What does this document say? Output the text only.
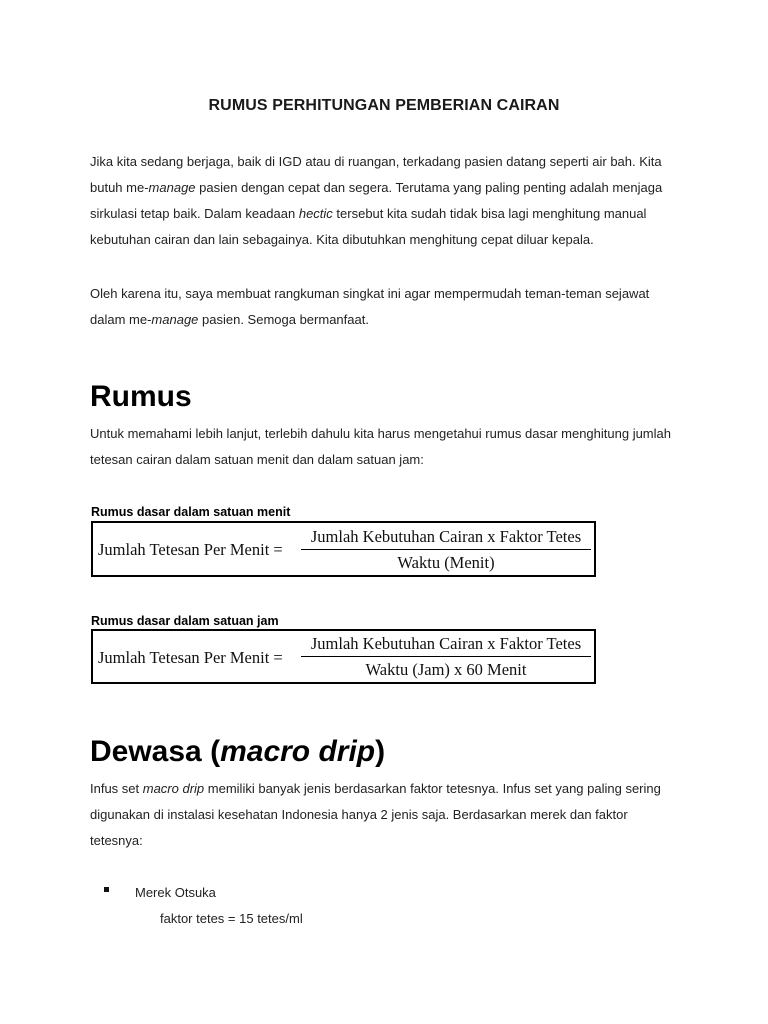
RUMUS PERHITUNGAN PEMBERIAN CAIRAN
Jika kita sedang berjaga, baik di IGD atau di ruangan, terkadang pasien datang seperti air bah. Kita butuh me-manage pasien dengan cepat dan segera. Terutama yang paling penting adalah menjaga sirkulasi tetap baik. Dalam keadaan hectic tersebut kita sudah tidak bisa lagi menghitung manual kebutuhan cairan dan lain sebagainya. Kita dibutuhkan menghitung cepat diluar kepala.
Oleh karena itu, saya membuat rangkuman singkat ini agar mempermudah teman-teman sejawat dalam me-manage pasien. Semoga bermanfaat.
Rumus
Untuk memahami lebih lanjut, terlebih dahulu kita harus mengetahui rumus dasar menghitung jumlah tetesan cairan dalam satuan menit dan dalam satuan jam:
Rumus dasar dalam satuan menit
Jumlah Tetesan Per Menit =
Jumlah Kebutuhan Cairan x Faktor Tetes
Waktu (Menit)
Rumus dasar dalam satuan jam
Jumlah Tetesan Per Menit =
Jumlah Kebutuhan Cairan x Faktor Tetes
Waktu (Jam) x 60 Menit
Dewasa (macro drip)
Infus set macro drip memiliki banyak jenis berdasarkan faktor tetesnya. Infus set yang paling sering digunakan di instalasi kesehatan Indonesia hanya 2 jenis saja. Berdasarkan merek dan faktor tetesnya:
Merek Otsuka
faktor tetes = 15 tetes/ml
